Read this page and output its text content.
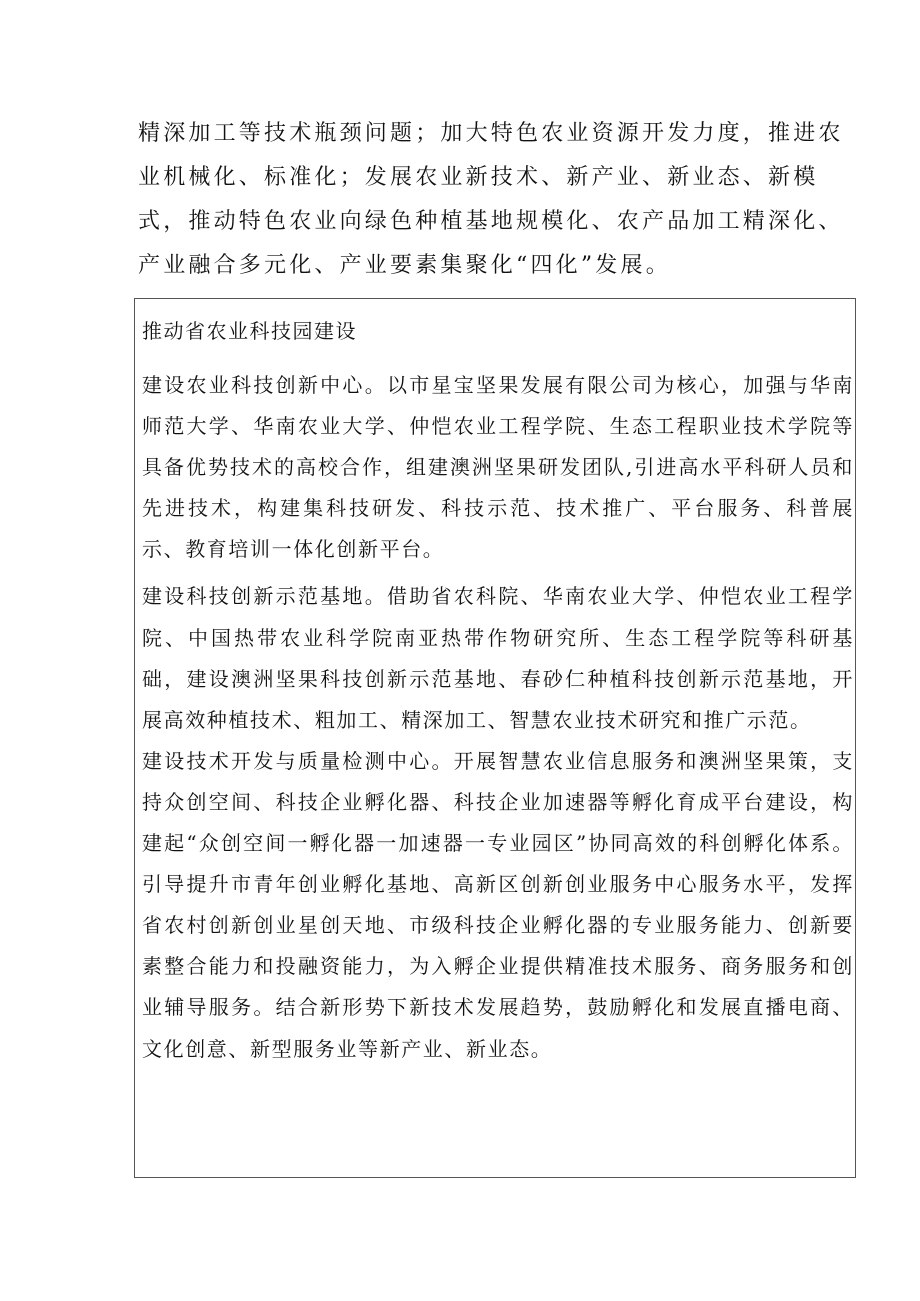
精深加工等技术瓶颈问题；加大特色农业资源开发力度，推进农业机械化、标准化；发展农业新技术、新产业、新业态、新模式，推动特色农业向绿色种植基地规模化、农产品加工精深化、产业融合多元化、产业要素集聚化“四化”发展。

推动省农业科技园建设

建设农业科技创新中心。以市星宝坚果发展有限公司为核心，加强与华南师范大学、华南农业大学、仲恺农业工程学院、生态工程职业技术学院等具备优势技术的高校合作，组建澳洲坚果研发团队,引进高水平科研人员和先进技术，构建集科技研发、科技示范、技术推广、平台服务、科普展示、教育培训一体化创新平台。

建设科技创新示范基地。借助省农科院、华南农业大学、仲恺农业工程学院、中国热带农业科学院南亚热带作物研究所、生态工程学院等科研基础，建设澳洲坚果科技创新示范基地、春砂仁种植科技创新示范基地，开展高效种植技术、粗加工、精深加工、智慧农业技术研究和推广示范。

建设技术开发与质量检测中心。开展智慧农业信息服务和澳洲坚果策，支持众创空间、科技企业孵化器、科技企业加速器等孵化育成平台建设，构建起“众创空间一孵化器一加速器一专业园区”协同高效的科创孵化体系。引导提升市青年创业孵化基地、高新区创新创业服务中心服务水平，发挥省农村创新创业星创天地、市级科技企业孵化器的专业服务能力、创新要素整合能力和投融资能力，为入孵企业提供精准技术服务、商务服务和创业辅导服务。结合新形势下新技术发展趋势，鼓励孵化和发展直播电商、文化创意、新型服务业等新产业、新业态。
